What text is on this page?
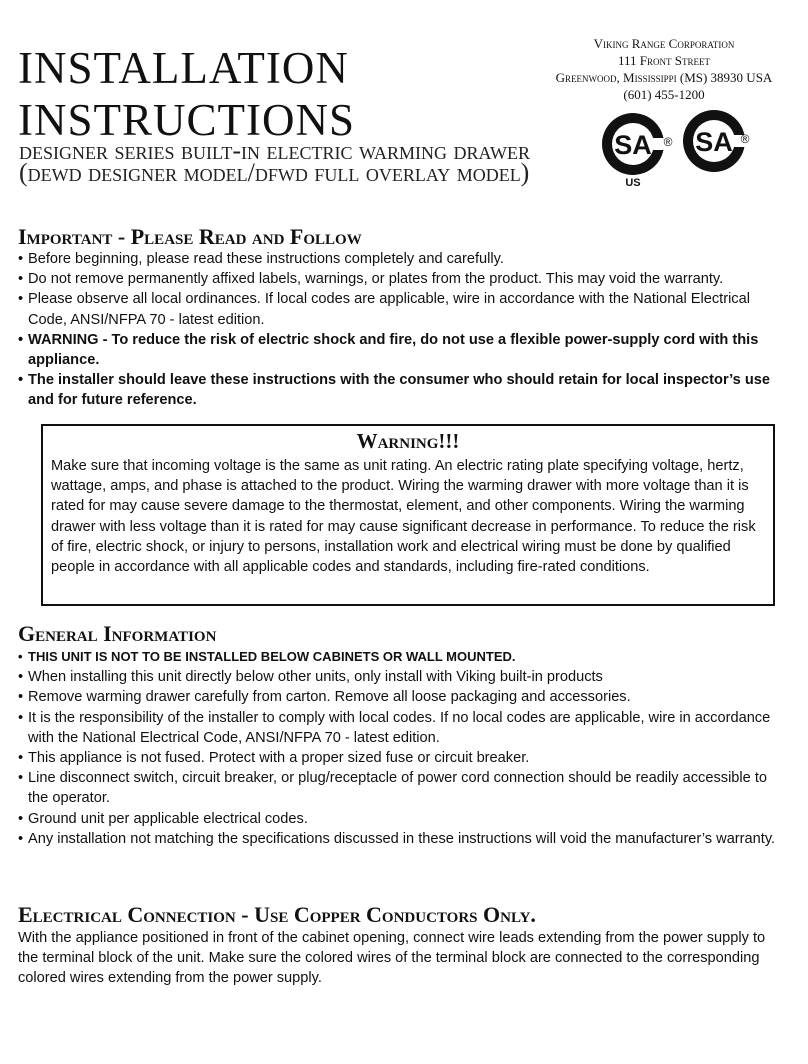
installation
instructions
designer series built-in electric warming drawer
(dewd designer model/dfwd full overlay model)
Viking Range Corporation
111 Front Street
Greenwood, Mississippi (MS) 38930 USA
(601) 455-1200
SA ®
US
SA ®
Important - Please Read and Follow
• Before beginning, please read these instructions completely and carefully.
• Do not remove permanently affixed labels, warnings, or plates from the product. This may void the warranty.
• Please observe all local ordinances. If local codes are applicable, wire in accordance with the National Electrical Code, ANSI/NFPA 70 - latest edition.
• WARNING - To reduce the risk of electric shock and fire, do not use a flexible power-supply cord with this appliance.
• The installer should leave these instructions with the consumer who should retain for local inspector’s use and for future reference.
Warning!!!
Make sure that incoming voltage is the same as unit rating. An electric rating plate specifying voltage, hertz, wattage, amps, and phase is attached to the product. Wiring the warming drawer with more voltage than it is rated for may cause severe damage to the thermostat, element, and other components. Wiring the warming drawer with less voltage than it is rated for may cause significant decrease in performance. To reduce the risk of fire, electric shock, or injury to persons, installation work and electrical wiring must be done by qualified people in accordance with all applicable codes and standards, including fire-rated conditions.
General Information
• THIS UNIT IS NOT TO BE INSTALLED BELOW CABINETS OR WALL MOUNTED.
• When installing this unit directly below other units, only install with Viking built-in products
• Remove warming drawer carefully from carton. Remove all loose packaging and accessories.
• It is the responsibility of the installer to comply with local codes. If no local codes are applicable, wire in accordance with the National Electrical Code, ANSI/NFPA 70 - latest edition.
• This appliance is not fused. Protect with a proper sized fuse or circuit breaker.
• Line disconnect switch, circuit breaker, or plug/receptacle of power cord connection should be readily accessible to the operator.
• Ground unit per applicable electrical codes.
• Any installation not matching the specifications discussed in these instructions will void the manufacturer’s warranty.
Electrical Connection - Use Copper Conductors Only.
With the appliance positioned in front of the cabinet opening, connect wire leads extending from the power supply to the terminal block of the unit. Make sure the colored wires of the terminal block are connected to the corresponding colored wires extending from the power supply.
